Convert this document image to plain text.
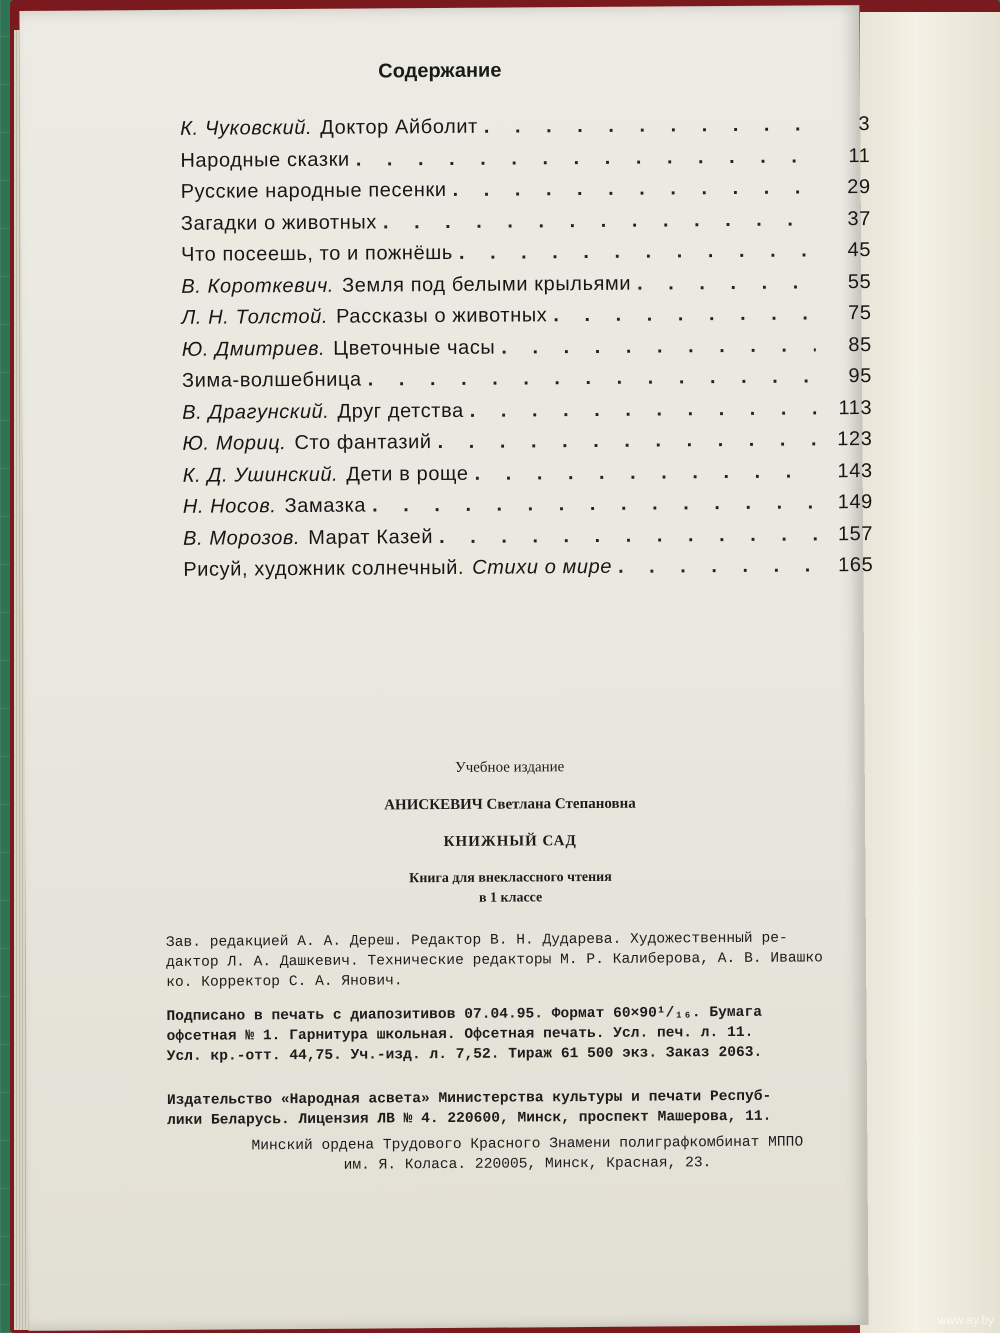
Содержание
К. Чуковский. Доктор Айболит . . .	3
Народные сказки . . .	11
Русские народные песенки . . .	29
Загадки о животных . . .	37
Что посеешь, то и пожнёшь . . .	45
В. Короткевич. Земля под белыми крыльями . . .	55
Л. Н. Толстой. Рассказы о животных . . .	75
Ю. Дмитриев. Цветочные часы . . .	85
Зима-волшебница . . .	95
В. Драгунский. Друг детства . . .	113
Ю. Мориц. Сто фантазий . . .	123
К. Д. Ушинский. Дети в роще . . .	143
Н. Носов. Замазка . . .	149
В. Морозов. Марат Казей . . .	157
Рисуй, художник солнечный. Стихи о мире . . .	165
Учебное издание
АНИСКЕВИЧ Светлана Степановна
КНИЖНЫЙ САД
Книга для внеклассного чтения
в 1 классе
Зав. редакцией А. А. Дереш. Редактор В. Н. Дударева. Художественный ре-
дактор Л. А. Дашкевич. Технические редакторы М. Р. Калиберова, А. В. Ивашко
ко. Корректор С. А. Янович.
Подписано в печать с диапозитивов 07.04.95. Формат 60×90¹/₁₆. Бумага
офсетная № 1. Гарнитура школьная. Офсетная печать. Усл. печ. л. 11.
Усл. кр.-отт. 44,75. Уч.-изд. л. 7,52. Тираж 61 500 экз. Заказ 2063.
Издательство «Народная асвета» Министерства культуры и печати Респуб-
лики Беларусь. Лицензия ЛВ № 4. 220600, Минск, проспект Машерова, 11.
Минский ордена Трудового Красного Знамени полиграфкомбинат МППО
им. Я. Коласа. 220005, Минск, Красная, 23.
www.ay.by
